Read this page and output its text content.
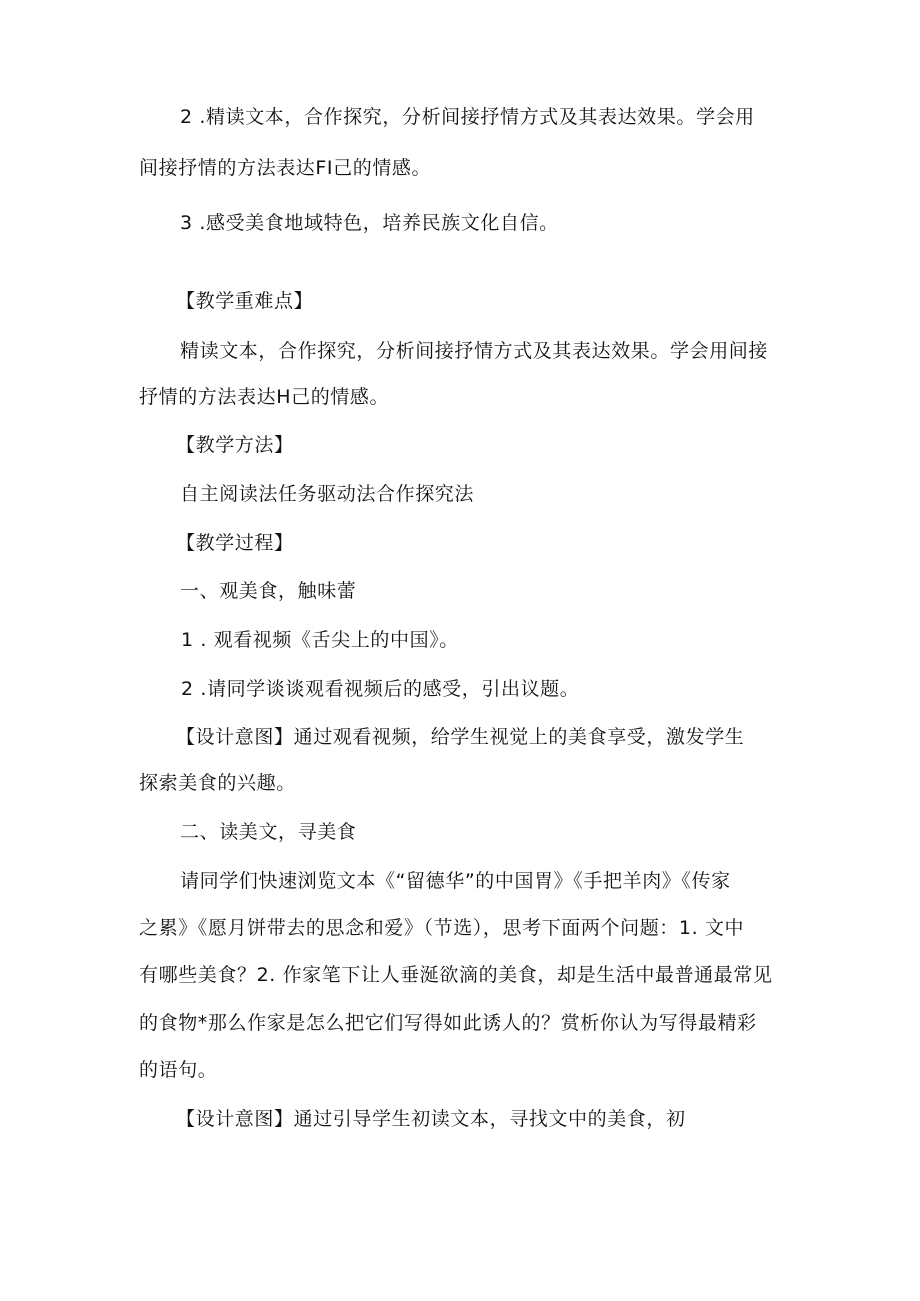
2 .精读文本，合作探究，分析间接抒情方式及其表达效果。学会用
间接抒情的方法表达FI己的情感。
3 .感受美食地域特色，培养民族文化自信。
【教学重难点】
精读文本，合作探究，分析间接抒情方式及其表达效果。学会用间接
抒情的方法表达H己的情感。
【教学方法】
自主阅读法任务驱动法合作探究法
【教学过程】
一、观美食，触味蕾
1 . 观看视频《舌尖上的中国》。
2 .请同学谈谈观看视频后的感受，引出议题。
【设计意图】通过观看视频，给学生视觉上的美食享受，激发学生
探索美食的兴趣。
二、读美文，寻美食
请同学们快速浏览文本《“留德华”的中国胃》《手把羊肉》《传家
之累》《愿月饼带去的思念和爱》（节选），思考下面两个问题：1. 文中
有哪些美食？2. 作家笔下让人垂涎欲滴的美食，却是生活中最普通最常见
的食物*那么作家是怎么把它们写得如此诱人的？赏析你认为写得最精彩
的语句。
【设计意图】通过引导学生初读文本，寻找文中的美食，初
